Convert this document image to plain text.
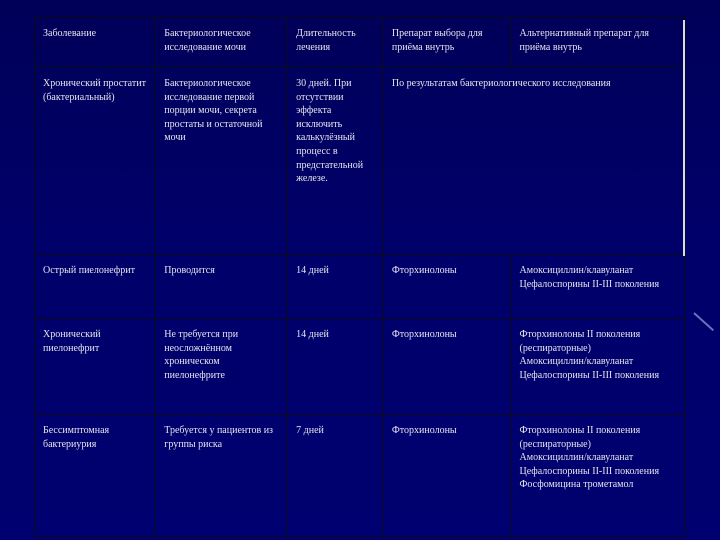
Заболевание	Бактериологическое исследование мочи	Длительность лечения	Препарат выбора для приёма внутрь	Альтернативный препарат для приёма внутрь
Хронический простатит (бактериальный)	Бактериологическое исследование первой порции мочи, секрета простаты и остаточной мочи	30 дней. При отсутствии эффекта исключить калькулёзный процесс в предстательной железе.	По результатам бактериологического исследования	
Острый пиелонефрит	Проводится	14 дней	Фторхинолоны	Амоксициллин/клавуланат
Цефалоспорины II-III поколения
Хронический пиелонефрит	Не требуется при неосложнённом хроническом пиелонефрите	14 дней	Фторхинолоны	Фторхинолоны II поколения (респираторные)
Амоксициллин/клавуланат
Цефалоспорины II-III поколения
Бессимптомная бактериурия	Требуется у пациентов из группы риска	7 дней	Фторхинолоны	Фторхинолоны II поколения (респираторные)
Амоксициллин/клавуланат
Цефалоспорины II-III поколения
Фосфомицина трометамол
